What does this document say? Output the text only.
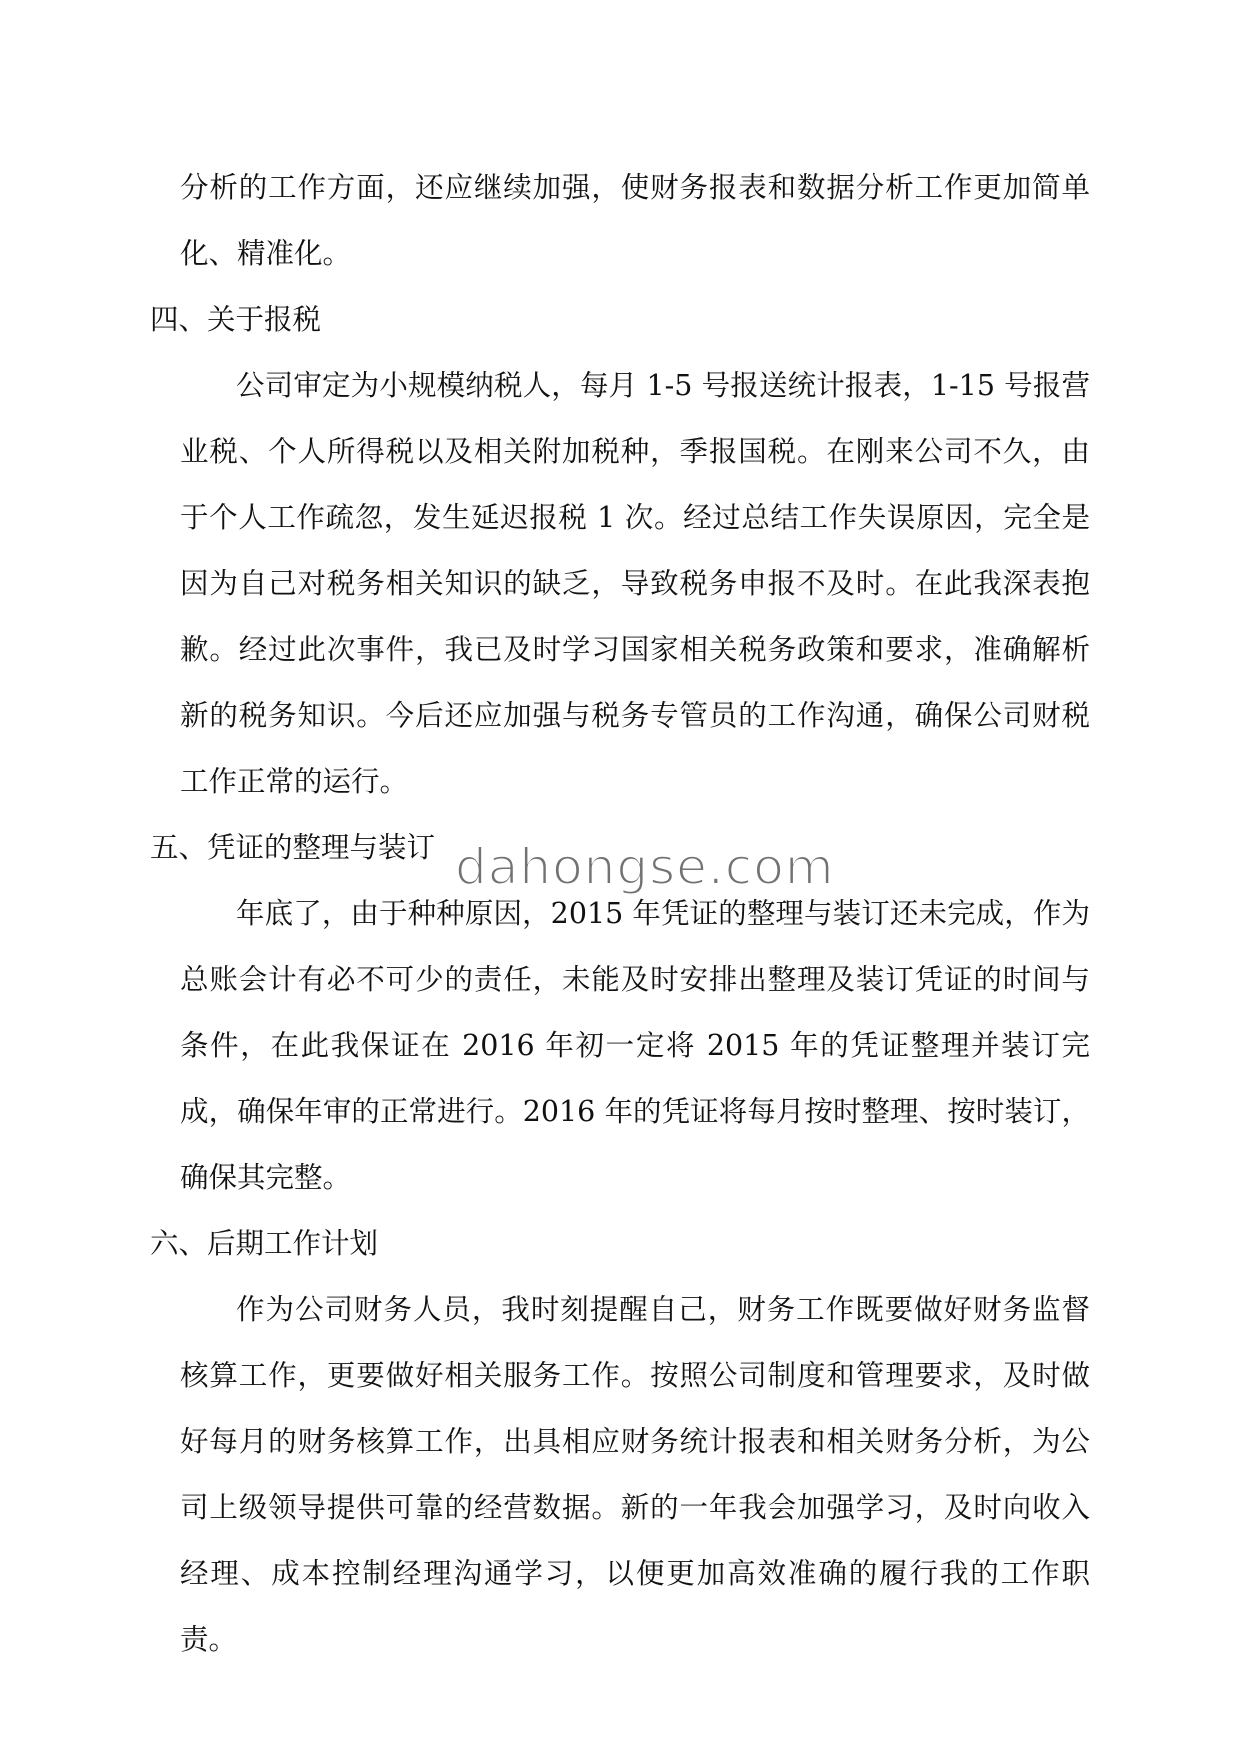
分析的工作方面，还应继续加强，使财务报表和数据分析工作更加简单化、精准化。

四、关于报税

公司审定为小规模纳税人，每月 1-5 号报送统计报表，1-15 号报营业税、个人所得税以及相关附加税种，季报国税。在刚来公司不久，由于个人工作疏忽，发生延迟报税 1 次。经过总结工作失误原因，完全是因为自己对税务相关知识的缺乏，导致税务申报不及时。在此我深表抱歉。经过此次事件，我已及时学习国家相关税务政策和要求，准确解析新的税务知识。今后还应加强与税务专管员的工作沟通，确保公司财税工作正常的运行。

五、凭证的整理与装订

年底了，由于种种原因，2015 年凭证的整理与装订还未完成，作为总账会计有必不可少的责任，未能及时安排出整理及装订凭证的时间与条件，在此我保证在 2016 年初一定将 2015 年的凭证整理并装订完成，确保年审的正常进行。2016 年的凭证将每月按时整理、按时装订，确保其完整。

六、后期工作计划

作为公司财务人员，我时刻提醒自己，财务工作既要做好财务监督核算工作，更要做好相关服务工作。按照公司制度和管理要求，及时做好每月的财务核算工作，出具相应财务统计报表和相关财务分析，为公司上级领导提供可靠的经营数据。新的一年我会加强学习，及时向收入经理、成本控制经理沟通学习，以便更加高效准确的履行我的工作职责。

dahongse.com
